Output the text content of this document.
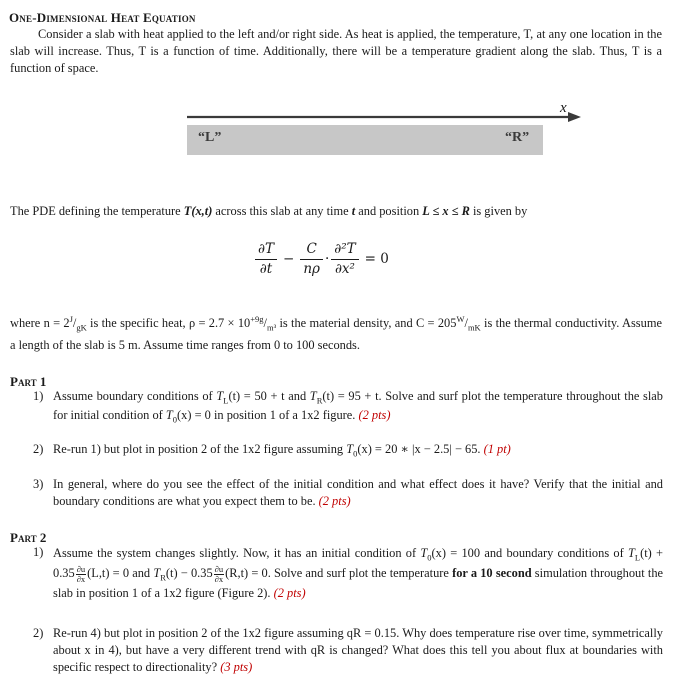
One-Dimensional Heat Equation
Consider a slab with heat applied to the left and/or right side. As heat is applied, the temperature, T, at any one location in the slab will increase. Thus, T is a function of time. Additionally, there will be a temperature gradient along the slab. Thus, T is a function of space.
x
“L”	“R”
The PDE defining the temperature T(x,t) across this slab at any time t and position L ≤ x ≤ R is given by
∂T	−	C	·	∂²T	= 0
∂t		nρ		∂x²	
where $n = 2^J/_{gK}$ is the specific heat, $\rho = 2.7 \times 10^{+9g}/_{m^3}$ is the material density, and $C = 205^W/_{mK}$ is the thermal conductivity. Assume a length of the slab is 5 m. Assume time ranges from 0 to 100 seconds.
Part 1
1) Assume boundary conditions of $T_L(t) = 50 + t$ and $T_R(t) = 95 + t$. Solve and surf plot the temperature throughout the slab for initial condition of $T_0(x) = 0$ in position 1 of a 1x2 figure. (2 pts)
2) Re-run 1) but plot in position 2 of the 1x2 figure assuming $T_0(x) = 20$ ∗ |x − 2.5| − 65. (1 pt)
3) In general, where do you see the effect of the initial condition and what effect does it have? Verify that the initial and boundary conditions are what you expect them to be. (2 pts)
Part 2
1) Assume the system changes slightly. Now, it has an initial condition of $T_0(x) = 100$ and boundary conditions of $T_L(t) + 0.35 \frac{\partial u}{\partial x} (L,t) = 0$ and $T_R(t) - 0.35 \frac{\partial u}{\partial x} (R,t) = 0$. Solve and surf plot the temperature for a 10 second simulation throughout the slab in position 1 of a 1x2 figure (Figure 2). (2 pts)
2) Re-run 4) but plot in position 2 of the 1x2 figure assuming qR = 0.15. Why does temperature rise over time, symmetrically about x in 4), but have a very different trend with qR is changed? What does this tell you about flux at boundaries with specific respect to directionality? (3 pts)
